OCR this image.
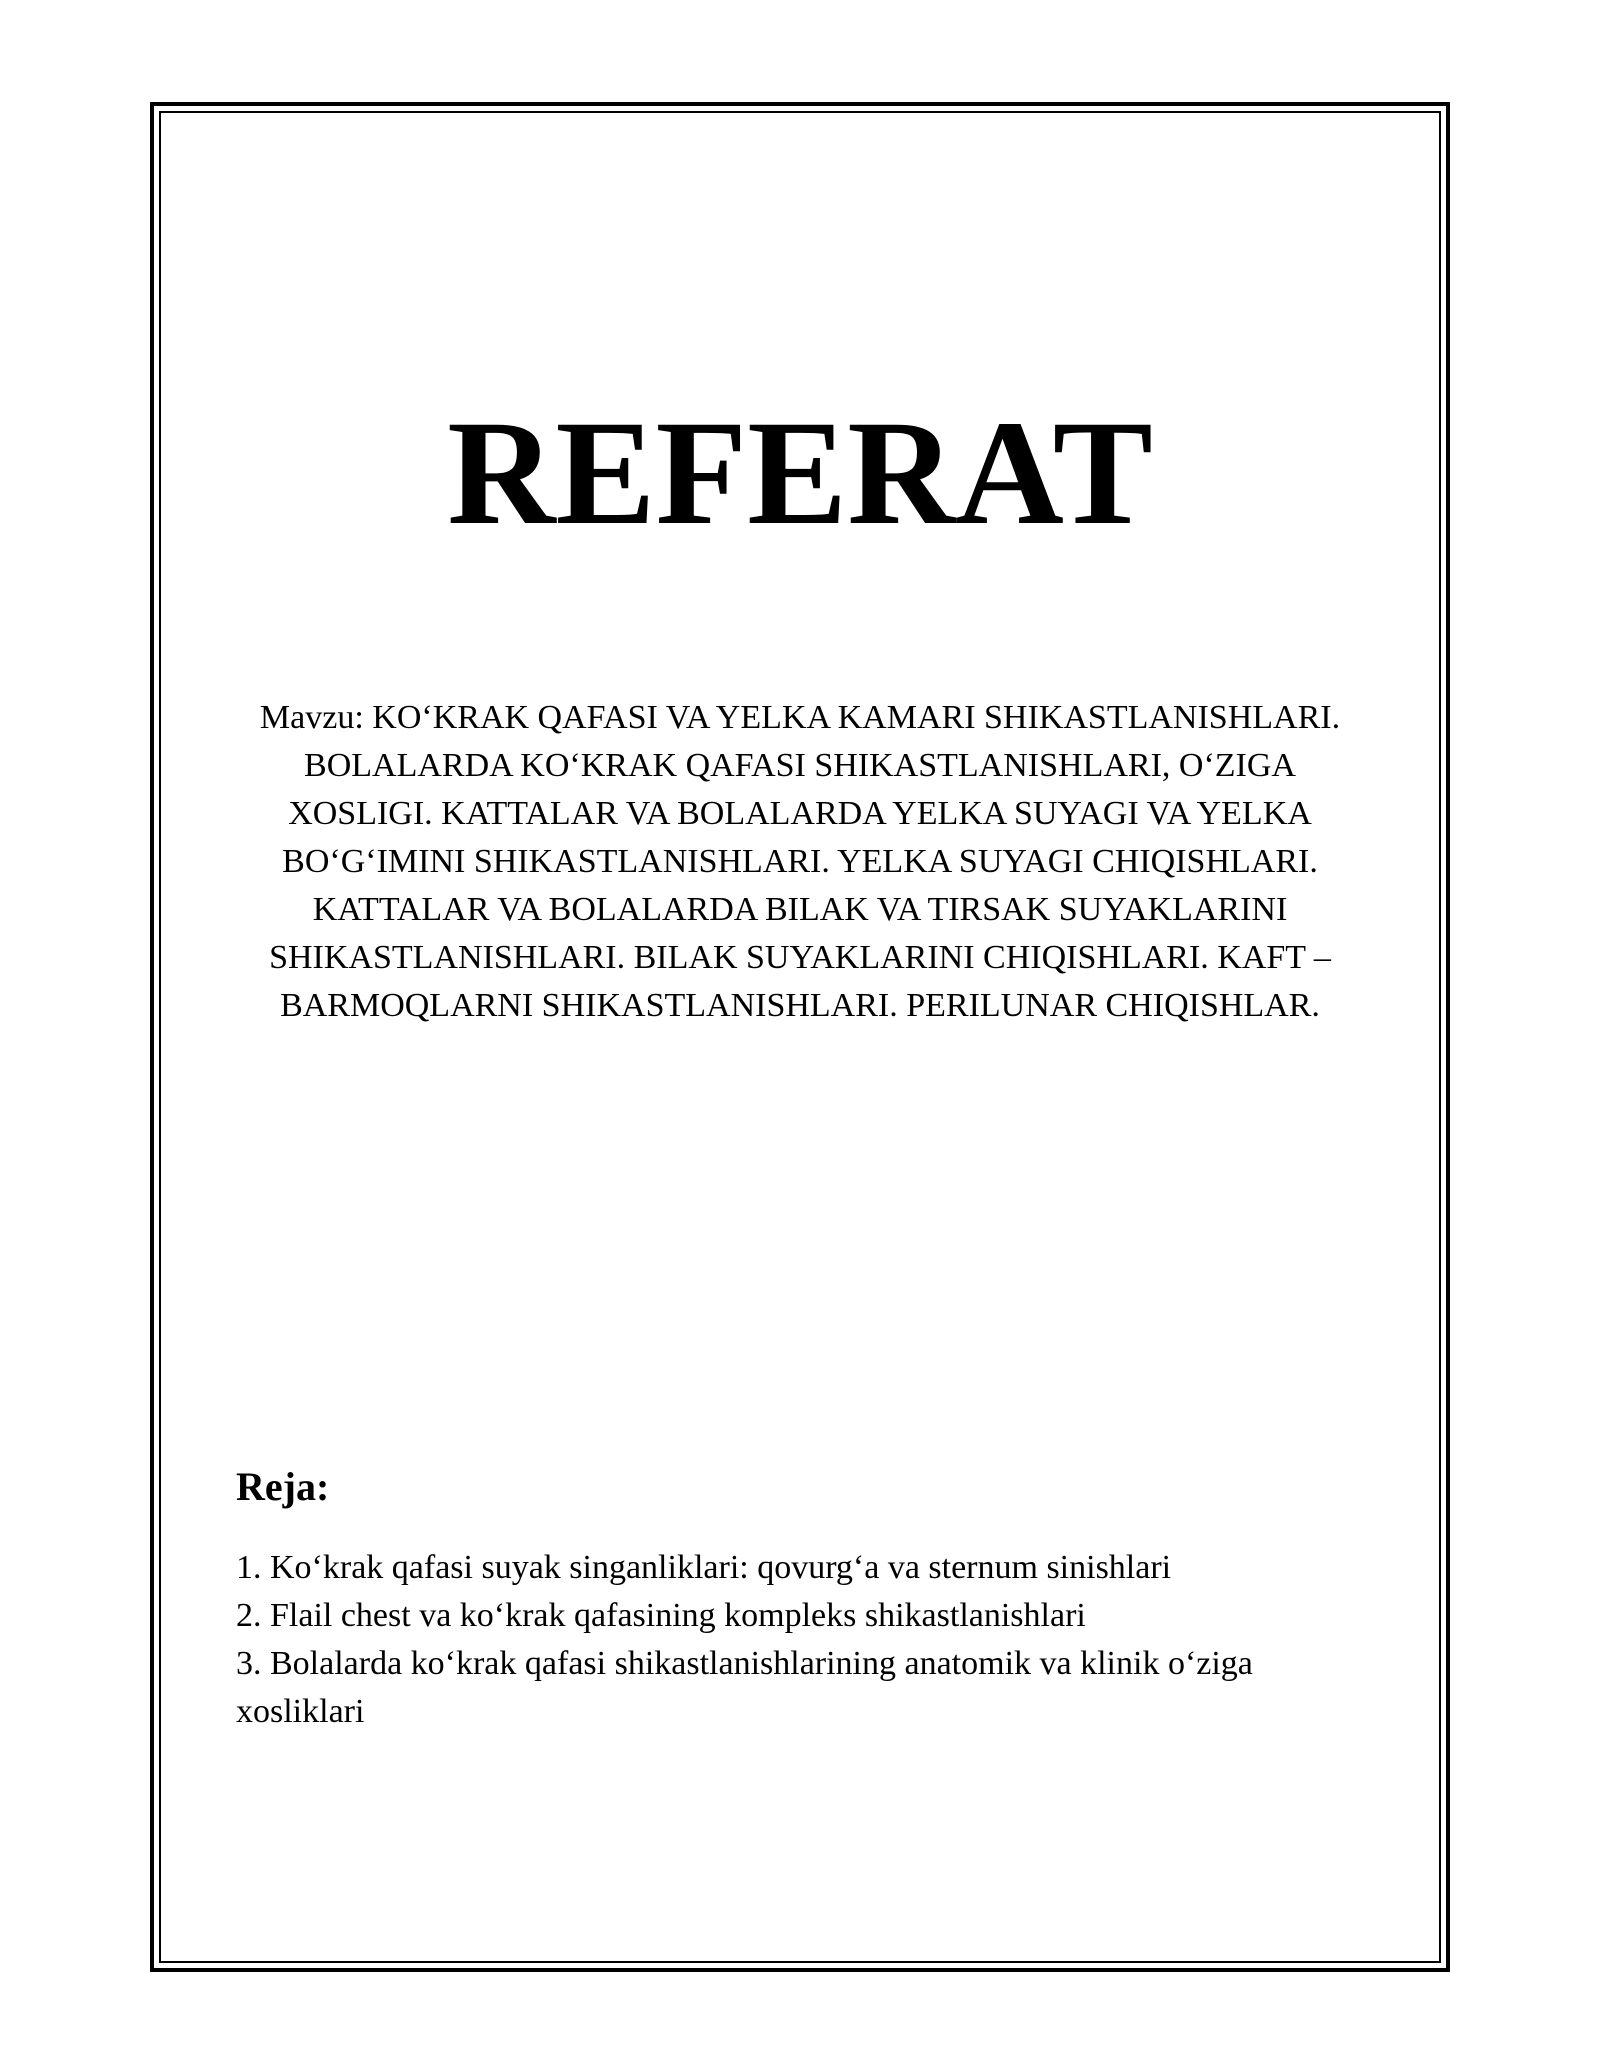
REFERAT

Mavzu: KOʻKRAK QAFASI VA YELKA KAMARI SHIKASTLANISHLARI. BOLALARDA KOʻKRAK QAFASI SHIKASTLANISHLARI, OʻZIGA XOSLIGI. KATTALAR VA BOLALARDA YELKA SUYAGI VA YELKA BOʻGʻIMINI SHIKASTLANISHLARI. YELKA SUYAGI CHIQISHLARI. KATTALAR VA BOLALARDA BILAK VA TIRSAK SUYAKLARINI SHIKASTLANISHLARI. BILAK SUYAKLARINI CHIQISHLARI. KAFT – BARMOQLARNI SHIKASTLANISHLARI. PERILUNAR CHIQISHLAR.

Reja:
1. Koʻkrak qafasi suyak singanliklari: qovurgʻa va sternum sinishlari
2. Flail chest va koʻkrak qafasining kompleks shikastlanishlari
3. Bolalarda koʻkrak qafasi shikastlanishlarining anatomik va klinik oʻziga xosliklari
